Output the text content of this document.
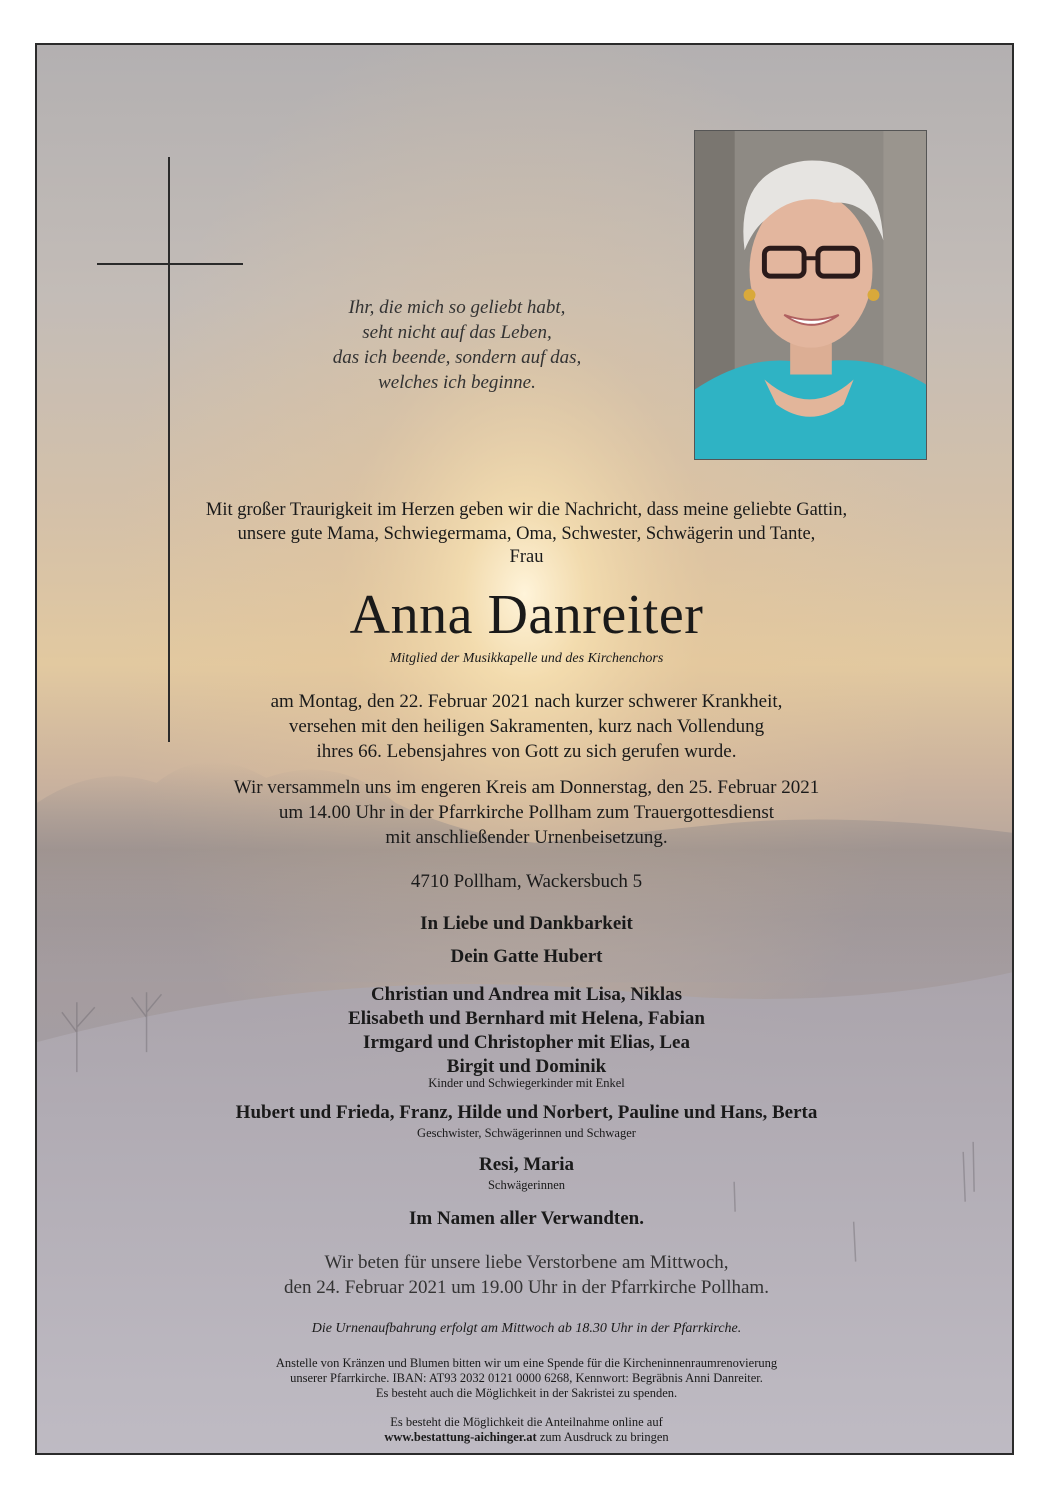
Ihr, die mich so geliebt habt,
seht nicht auf das Leben,
das ich beende, sondern auf das,
welches ich beginne.
Mit großer Traurigkeit im Herzen geben wir die Nachricht, dass meine geliebte Gattin,
unsere gute Mama, Schwiegermama, Oma, Schwester, Schwägerin und Tante,
Frau
Anna Danreiter
Mitglied der Musikkapelle und des Kirchenchors
am Montag, den 22. Februar 2021 nach kurzer schwerer Krankheit,
versehen mit den heiligen Sakramenten, kurz nach Vollendung
ihres 66. Lebensjahres von Gott zu sich gerufen wurde.
Wir versammeln uns im engeren Kreis am Donnerstag, den 25. Februar 2021
um 14.00 Uhr in der Pfarrkirche Pollham zum Trauergottesdienst
mit anschließender Urnenbeisetzung.
4710 Pollham, Wackersbuch 5
In Liebe und Dankbarkeit
Dein Gatte Hubert
Christian und Andrea mit Lisa, Niklas
Elisabeth und Bernhard mit Helena, Fabian
Irmgard und Christopher mit Elias, Lea
Birgit und Dominik
Kinder und Schwiegerkinder mit Enkel
Hubert und Frieda, Franz, Hilde und Norbert, Pauline und Hans, Berta
Geschwister, Schwägerinnen und Schwager
Resi, Maria
Schwägerinnen
Im Namen aller Verwandten.
Wir beten für unsere liebe Verstorbene am Mittwoch,
den 24. Februar 2021 um 19.00 Uhr in der Pfarrkirche Pollham.
Die Urnenaufbahrung erfolgt am Mittwoch ab 18.30 Uhr in der Pfarrkirche.
Anstelle von Kränzen und Blumen bitten wir um eine Spende für die Kircheninnenraumrenovierung
unserer Pfarrkirche. IBAN: AT93 2032 0121 0000 6268, Kennwort: Begräbnis Anni Danreiter.
Es besteht auch die Möglichkeit in der Sakristei zu spenden.
Es besteht die Möglichkeit die Anteilnahme online auf
www.bestattung-aichinger.at zum Ausdruck zu bringen
